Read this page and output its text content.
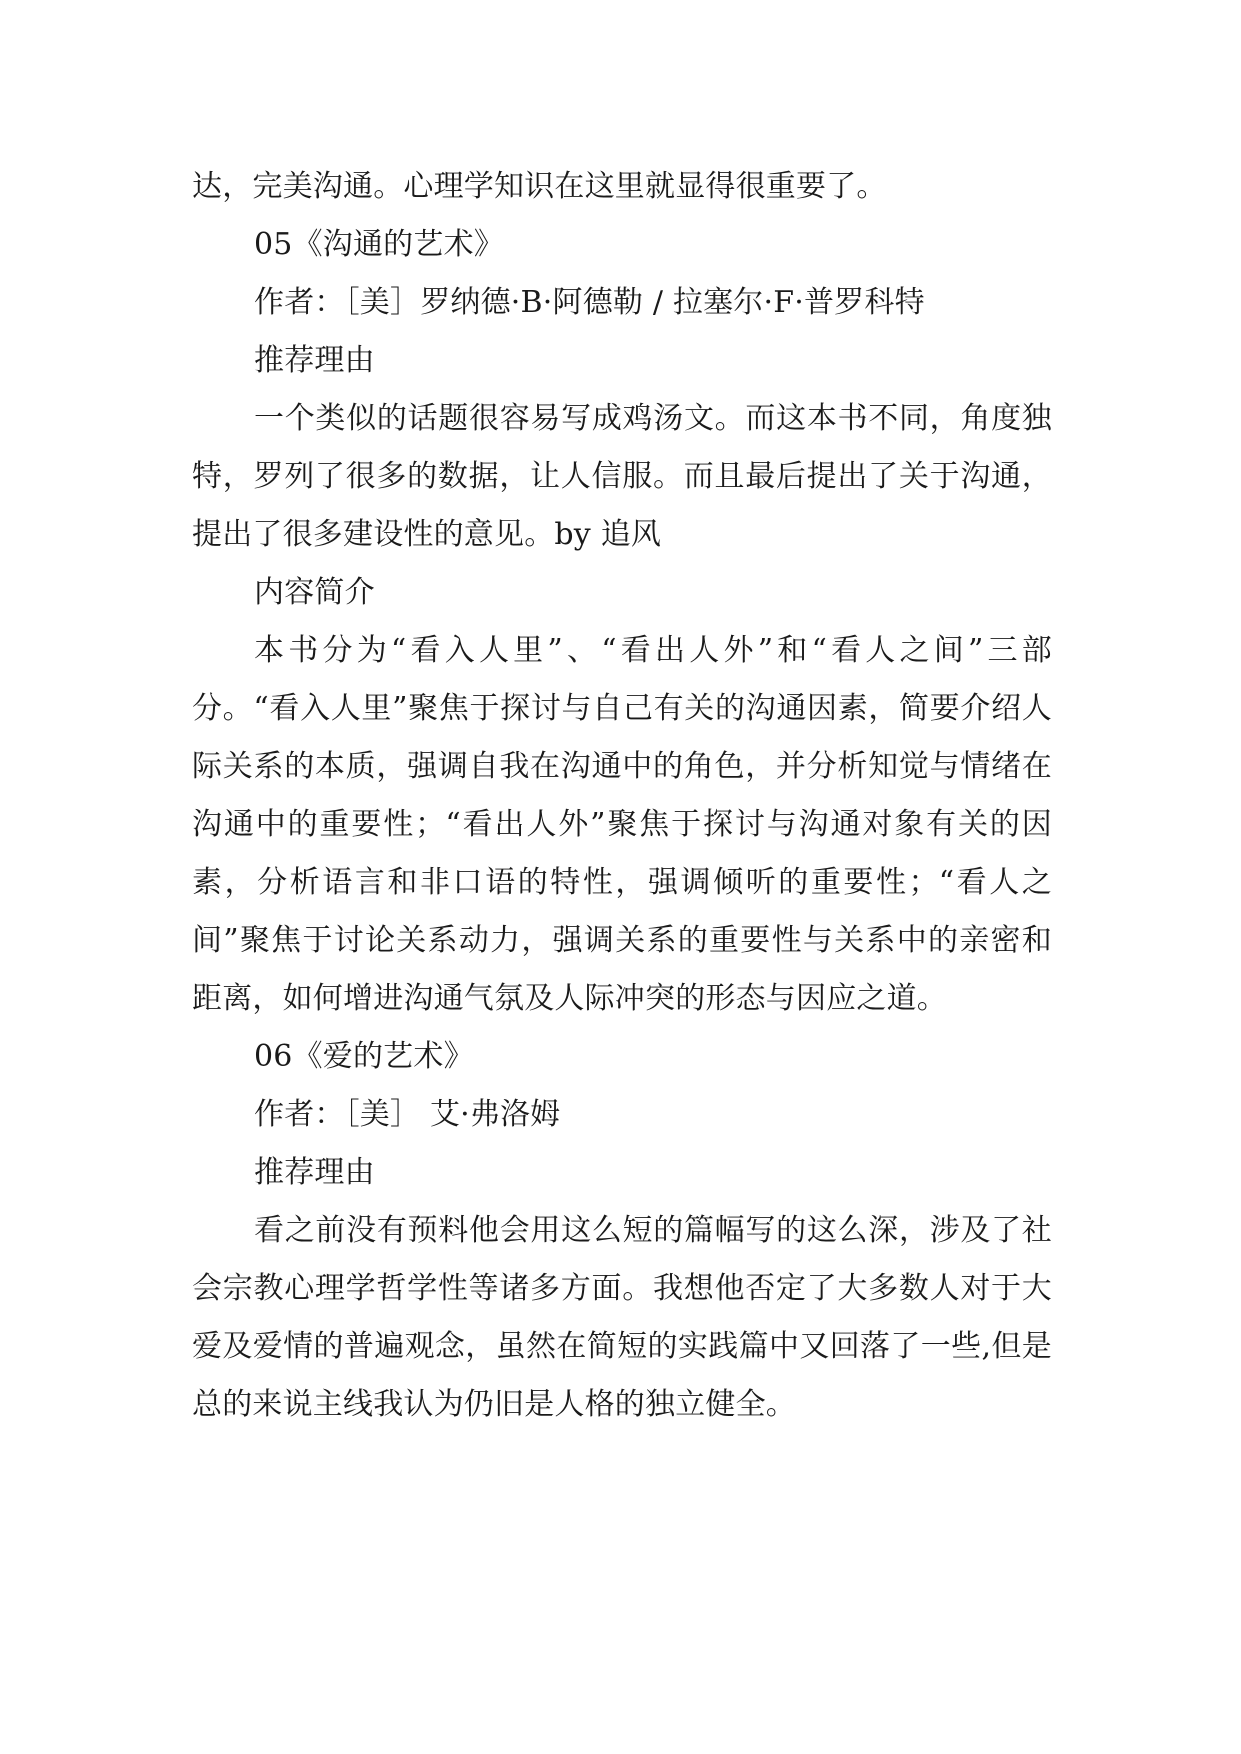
达，完美沟通。心理学知识在这里就显得很重要了。

05《沟通的艺术》

作者：［美］罗纳德·B·阿德勒 / 拉塞尔·F·普罗科特

推荐理由

一个类似的话题很容易写成鸡汤文。而这本书不同，角度独特，罗列了很多的数据，让人信服。而且最后提出了关于沟通，提出了很多建设性的意见。by 追风

内容简介

本书分为“看入人里”、“看出人外”和“看人之间”三部分。“看入人里”聚焦于探讨与自己有关的沟通因素，简要介绍人际关系的本质，强调自我在沟通中的角色，并分析知觉与情绪在沟通中的重要性；“看出人外”聚焦于探讨与沟通对象有关的因素，分析语言和非口语的特性，强调倾听的重要性；“看人之间”聚焦于讨论关系动力，强调关系的重要性与关系中的亲密和距离，如何增进沟通气氛及人际冲突的形态与因应之道。

06《爱的艺术》

作者：［美］ 艾·弗洛姆

推荐理由

看之前没有预料他会用这么短的篇幅写的这么深，涉及了社会宗教心理学哲学性等诸多方面。我想他否定了大多数人对于大爱及爱情的普遍观念，虽然在简短的实践篇中又回落了一些,但是总的来说主线我认为仍旧是人格的独立健全。
